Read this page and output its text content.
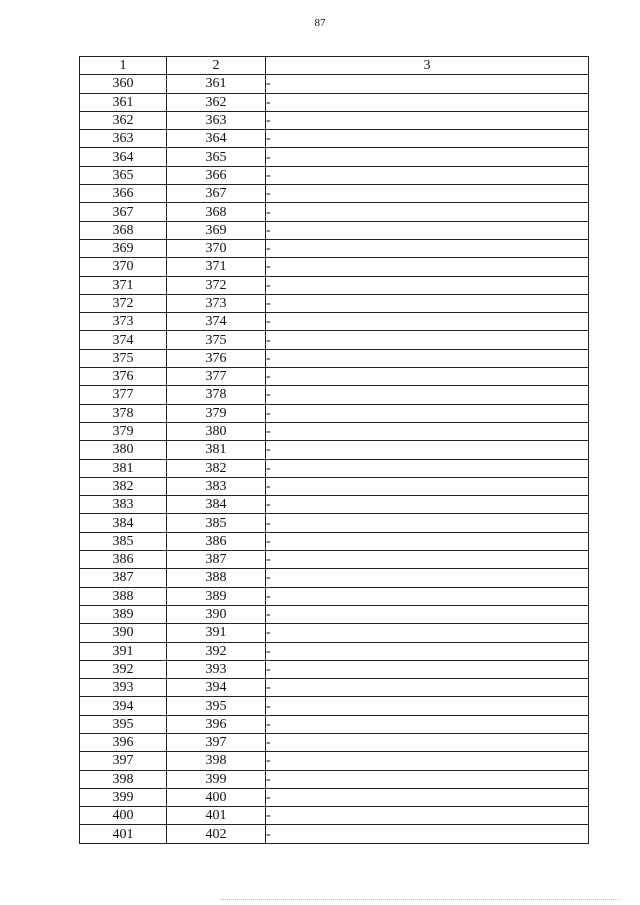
87
1	2	3
360	361	-
361	362	-
362	363	-
363	364	-
364	365	-
365	366	-
366	367	-
367	368	-
368	369	-
369	370	-
370	371	-
371	372	-
372	373	-
373	374	-
374	375	-
375	376	-
376	377	-
377	378	-
378	379	-
379	380	-
380	381	-
381	382	-
382	383	-
383	384	-
384	385	-
385	386	-
386	387	-
387	388	-
388	389	-
389	390	-
390	391	-
391	392	-
392	393	-
393	394	-
394	395	-
395	396	-
396	397	-
397	398	-
398	399	-
399	400	-
400	401	-
401	402	-
